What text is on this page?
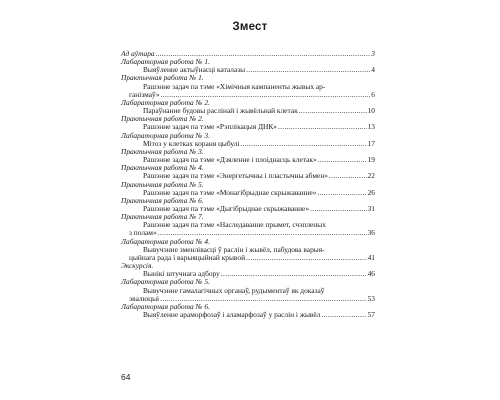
Змест
Ад аўтара .....	3
Лабараторная работа № 1.
Выяўленне актыўнасці каталазы .....	4
Практычная работа № 1.
Рашэнне задач па тэме «Хімічныя кампаненты жывых ар-
ганізмаў» .....	6
Лабараторная работа № 2.
Параўнанне будовы раслінай і жывёльнай клетак .....	10
Практычная работа № 2.
Рашэнне задач па тэме «Рэплікацыя ДНК» .....	13
Лабараторная работа № 3.
Мітоз у клетках кораня цыбулі .....	17
Практычная работа № 3.
Рашэнне задач па тэме «Дзяленне і плоіднасць клетак» .....	19
Практычная работа № 4.
Рашэнне задач па тэме «Энергетычны і пластычны абмен» .....	22
Практычная работа № 5.
Рашэнне задач па тэме «Монагібрыднае скрыжаванне» .....	26
Практычная работа № 6.
Рашэнне задач па тэме «Дыгібрыднае скрыжаванне» .....	31
Практычная работа № 7.
Рашэнне задач па тэме «Наследаванне прымет, счэпленых
з полам» .....	36
Лабараторная работа № 4.
Вывучэнне зменлівасці ў раслін і жывёл, пабудова варыя-
цыйнага рада і варыяцыйнай крывой .....	41
Экскурсія.
Вынікі штучнага адбору .....	46
Лабараторная работа № 5.
Вывучэнне гамалагічных органаў, рудыментаў як доказаў
эвалюцыі .....	53
Лабараторная работа № 6.
Выяўленне араморфозаў і аламарфозаў у раслін і жывёл .....	57
64
